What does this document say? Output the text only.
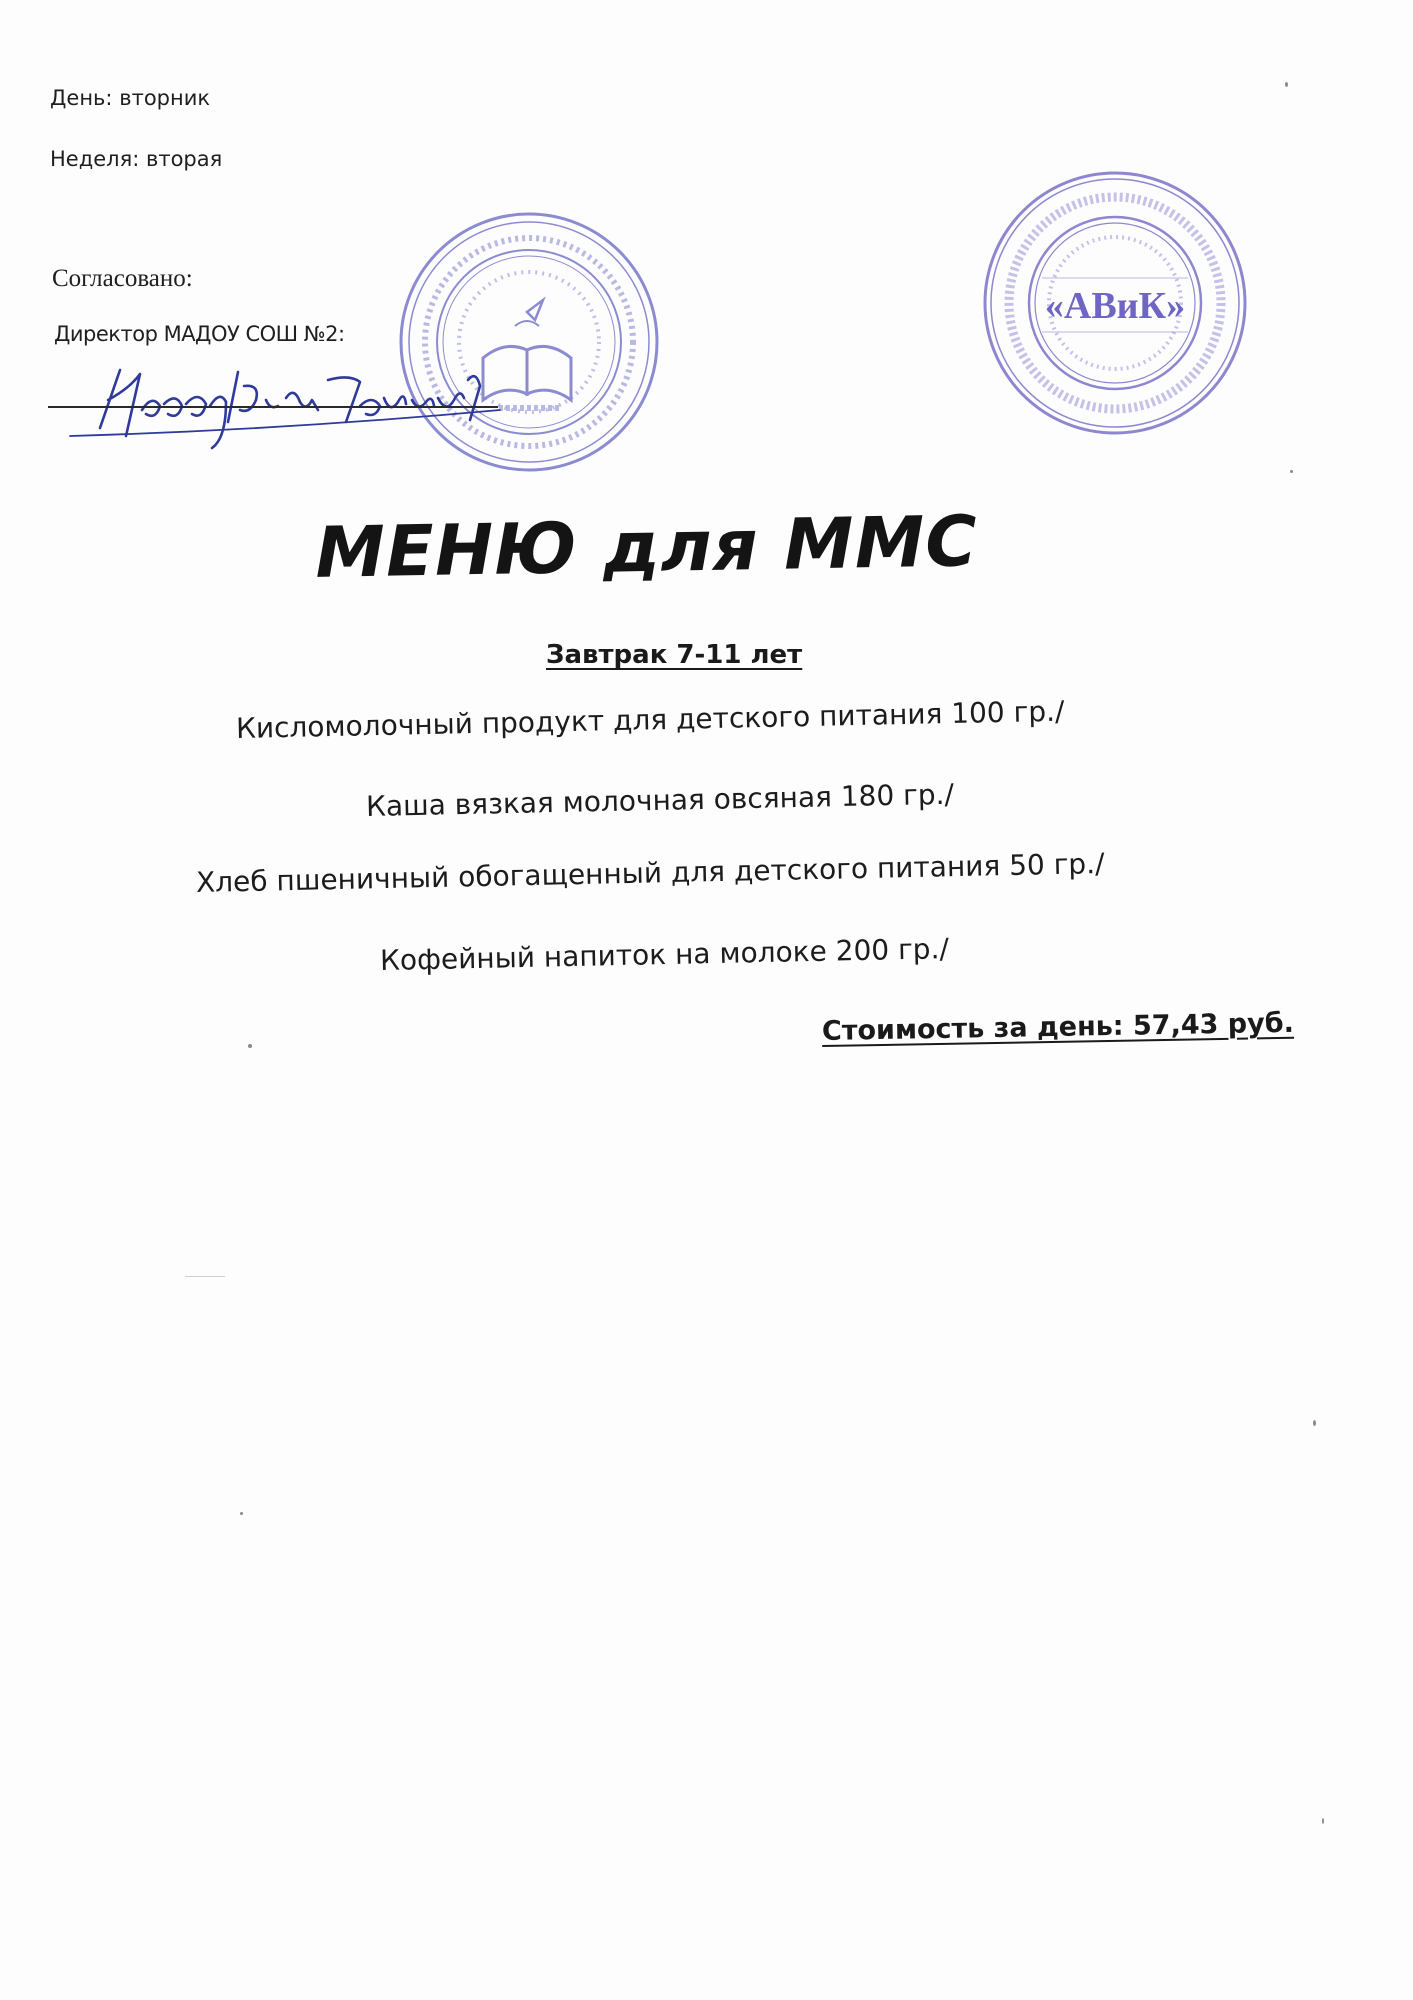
День: вторник
Неделя: вторая
Согласовано:
Директор МАДОУ СОШ №2:
«АВиК»
МЕНЮ для ММС
Завтрак 7-11 лет
Кисломолочный продукт для детского питания 100 гр./
Каша вязкая молочная овсяная 180 гр./
Хлеб пшеничный обогащенный для детского питания 50 гр./
Кофейный напиток на молоке 200 гр./
Стоимость за день: 57,43 руб.
